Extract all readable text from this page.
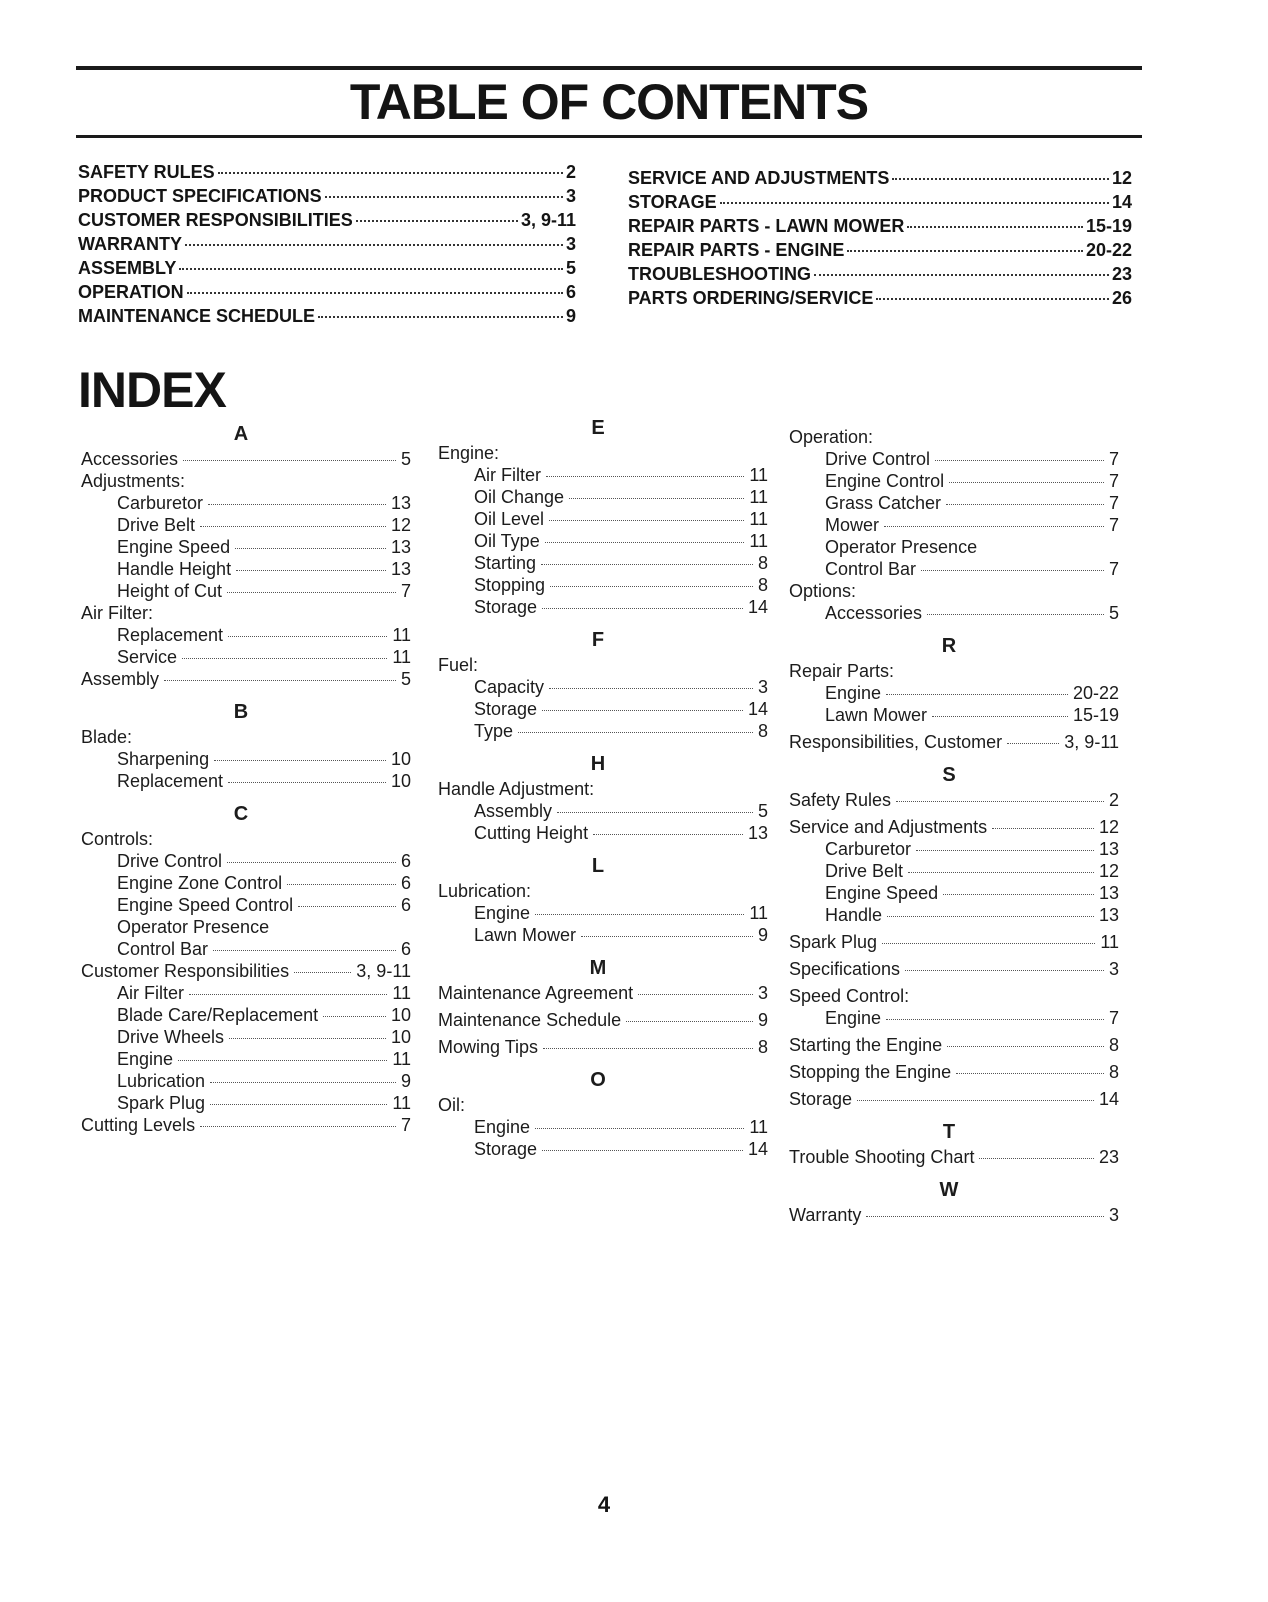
TABLE OF CONTENTS
SAFETY RULES	2
PRODUCT SPECIFICATIONS	3
CUSTOMER RESPONSIBILITIES	3, 9-11
WARRANTY	3
ASSEMBLY	5
OPERATION	6
MAINTENANCE SCHEDULE	9
SERVICE AND ADJUSTMENTS	12
STORAGE	14
REPAIR PARTS - LAWN MOWER	15-19
REPAIR PARTS - ENGINE	20-22
TROUBLESHOOTING	23
PARTS ORDERING/SERVICE	26
INDEX
A
Accessories	5
Adjustments:
Carburetor	13
Drive Belt	12
Engine Speed	13
Handle Height	13
Height of Cut	7
Air Filter:
Replacement	11
Service	11
Assembly	5
B
Blade:
Sharpening	10
Replacement	10
C
Controls:
Drive Control	6
Engine Zone Control	6
Engine Speed Control	6
Operator Presence
Control Bar	6
Customer Responsibilities	3, 9-11
Air Filter	11
Blade Care/Replacement	10
Drive Wheels	10
Engine	11
Lubrication	9
Spark Plug	11
Cutting Levels	7
E
Engine:
Air Filter	11
Oil Change	11
Oil Level	11
Oil Type	11
Starting	8
Stopping	8
Storage	14
F
Fuel:
Capacity	3
Storage	14
Type	8
H
Handle Adjustment:
Assembly	5
Cutting Height	13
L
Lubrication:
Engine	11
Lawn Mower	9
M
Maintenance Agreement	3
Maintenance Schedule	9
Mowing Tips	8
O
Oil:
Engine	11
Storage	14
Operation:
Drive Control	7
Engine Control	7
Grass Catcher	7
Mower	7
Operator Presence
Control Bar	7
Options:
Accessories	5
R
Repair Parts:
Engine	20-22
Lawn Mower	15-19
Responsibilities, Customer	3, 9-11
S
Safety Rules	2
Service and Adjustments	12
Carburetor	13
Drive Belt	12
Engine Speed	13
Handle	13
Spark Plug	11
Specifications	3
Speed Control:
Engine	7
Starting the Engine	8
Stopping the Engine	8
Storage	14
T
Trouble Shooting Chart	23
W
Warranty	3
4
